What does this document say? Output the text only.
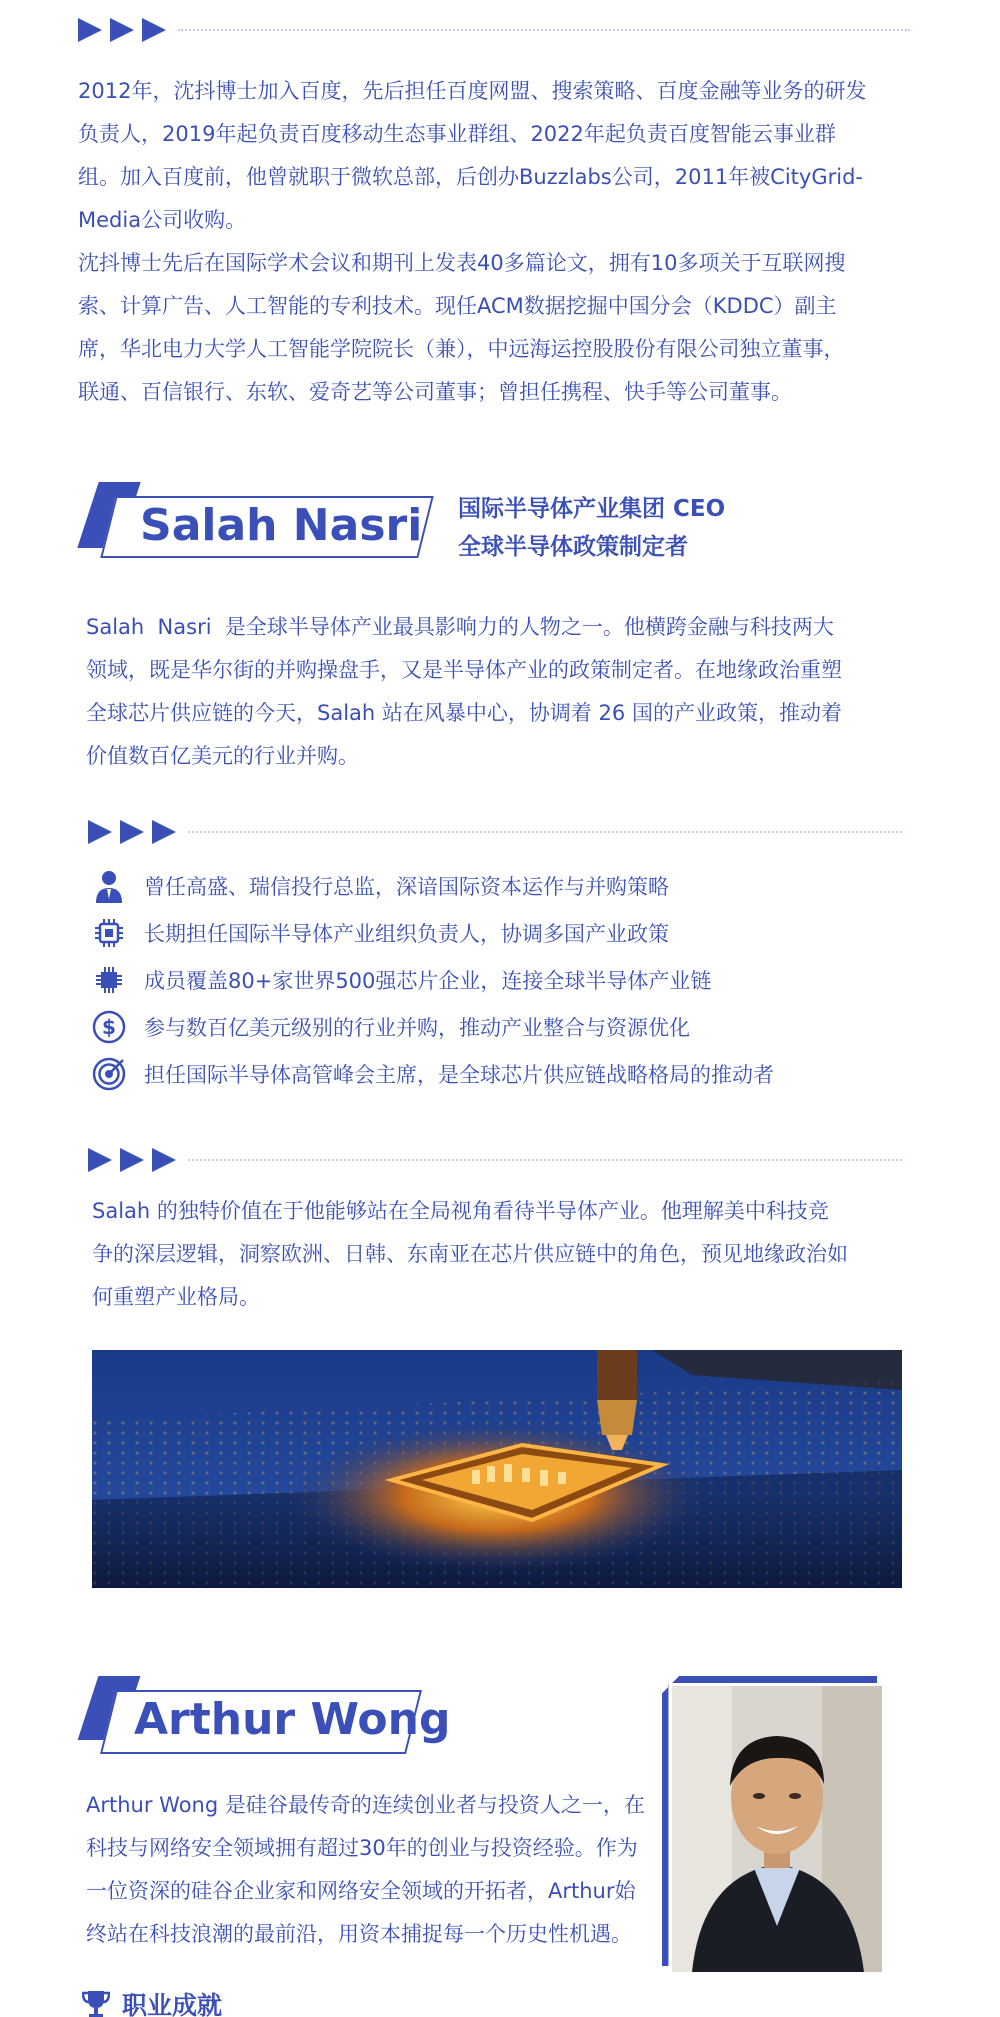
2012年，沈抖博士加入百度，先后担任百度网盟、搜索策略、百度金融等业务的研发
负责人，2019年起负责百度移动生态事业群组、2022年起负责百度智能云事业群
组。加入百度前，他曾就职于微软总部，后创办Buzzlabs公司，2011年被CityGrid-
Media公司收购。
沈抖博士先后在国际学术会议和期刊上发表40多篇论文，拥有10多项关于互联网搜
索、计算广告、人工智能的专利技术。现任ACM数据挖掘中国分会（KDDC）副主
席，华北电力大学人工智能学院院长（兼），中远海运控股股份有限公司独立董事，
联通、百信银行、东软、爱奇艺等公司董事；曾担任携程、快手等公司董事。
Salah Nasri 国际半导体产业集团 CEO
全球半导体政策制定者
Salah  Nasri  是全球半导体产业最具影响力的人物之一。他横跨金融与科技两大
领域，既是华尔街的并购操盘手，又是半导体产业的政策制定者。在地缘政治重塑
全球芯片供应链的今天，Salah 站在风暴中心，协调着 26 国的产业政策，推动着
价值数百亿美元的行业并购。
曾任高盛、瑞信投行总监，深谙国际资本运作与并购策略
长期担任国际半导体产业组织负责人，协调多国产业政策
成员覆盖80+家世界500强芯片企业，连接全球半导体产业链
$ 参与数百亿美元级别的行业并购，推动产业整合与资源优化
担任国际半导体高管峰会主席，是全球芯片供应链战略格局的推动者
Salah 的独特价值在于他能够站在全局视角看待半导体产业。他理解美中科技竞
争的深层逻辑，洞察欧洲、日韩、东南亚在芯片供应链中的角色，预见地缘政治如
何重塑产业格局。
Arthur Wong
Arthur Wong 是硅谷最传奇的连续创业者与投资人之一，在
科技与网络安全领域拥有超过30年的创业与投资经验。作为
一位资深的硅谷企业家和网络安全领域的开拓者，Arthur始
终站在科技浪潮的最前沿，用资本捕捉每一个历史性机遇。
职业成就
